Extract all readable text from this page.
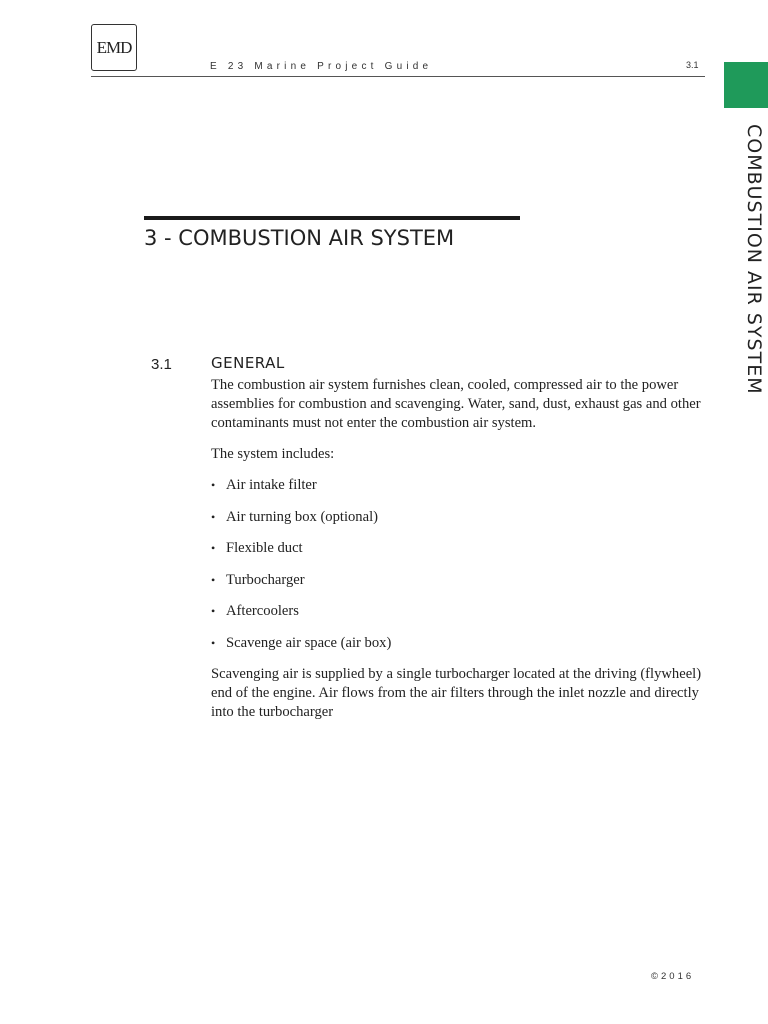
EMD
E 23 Marine Project Guide	3.1
COMBUSTION AIR SYSTEM
3 - COMBUSTION AIR SYSTEM
3.1	GENERAL

The combustion air system furnishes clean, cooled, compressed air to the power assemblies for combustion and scavenging. Water, sand, dust, exhaust gas and other contaminants must not enter the combustion air system.

The system includes:

• Air intake filter
• Air turning box (optional)
• Flexible duct
• Turbocharger
• Aftercoolers
• Scavenge air space (air box)

Scavenging air is supplied by a single turbocharger located at the driving (flywheel) end of the engine. Air flows from the air filters through the inlet nozzle and directly into the turbocharger

©2016
